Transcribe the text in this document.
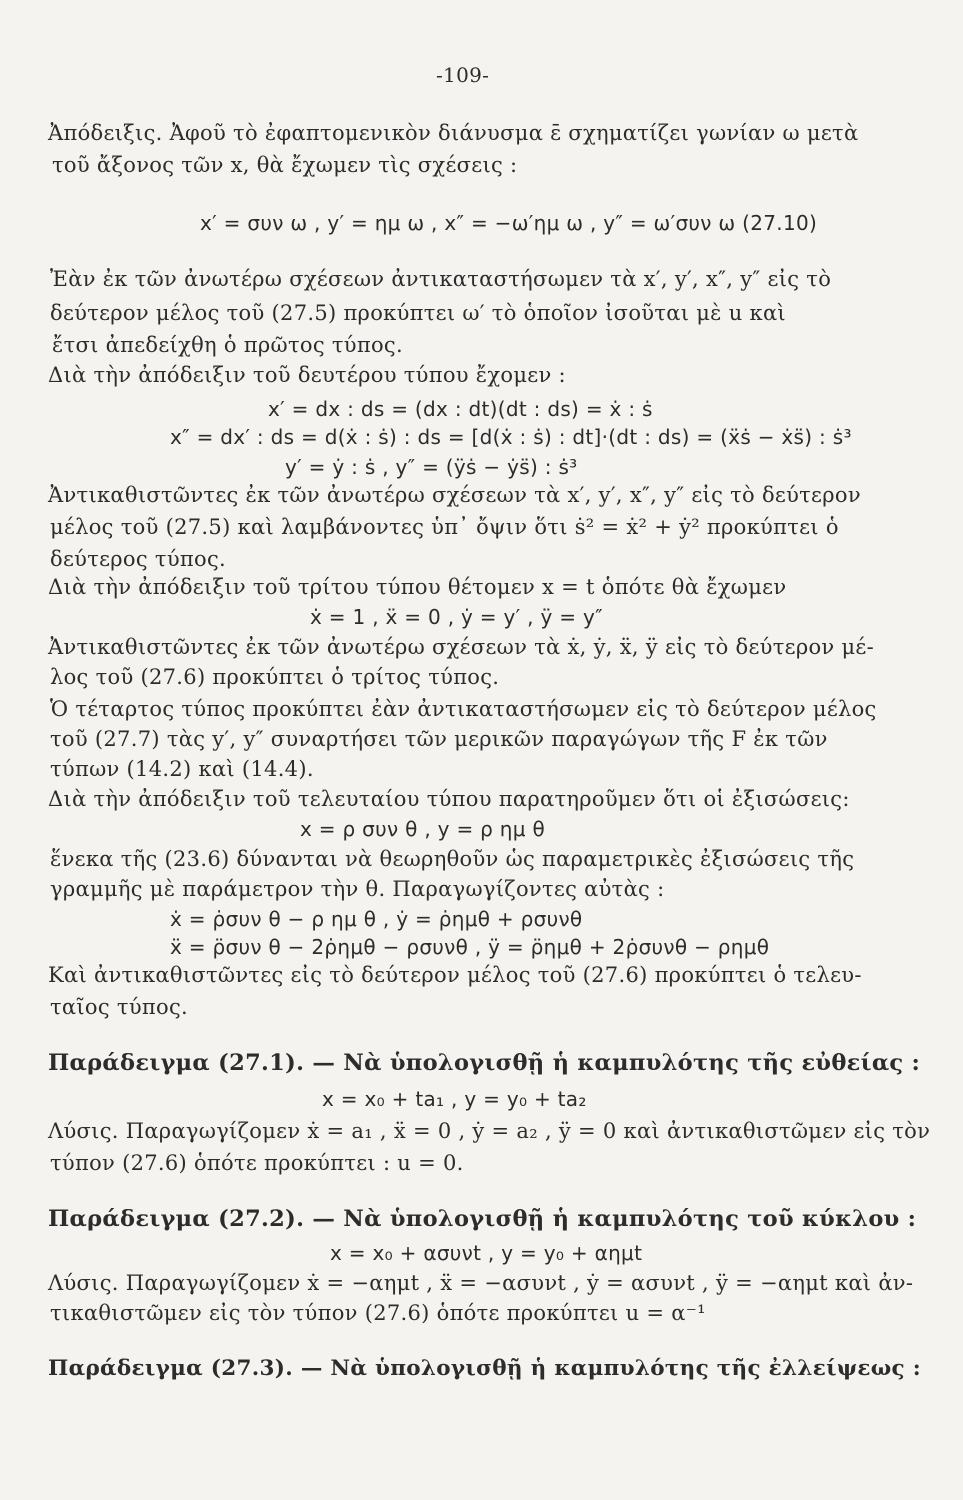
-109-
Ἀπόδειξις. Ἀφοῦ τὸ ἐφαπτομενικὸν διάνυσμα ε̄ σχηματίζει γωνίαν ω μετὰ
τοῦ ἄξονος τῶν x, θὰ ἔχωμεν τὶς σχέσεις :
x′ = συν ω , y′ = ημ ω , x″ = −ω′ημ ω , y″ = ω′συν ω (27.10)
Ἐὰν ἐκ τῶν ἀνωτέρω σχέσεων ἀντικαταστήσωμεν τὰ x′, y′, x″, y″ εἰς τὸ
δεύτερον μέλος τοῦ (27.5) προκύπτει ω′ τὸ ὁποῖον ἰσοῦται μὲ u καὶ
ἔτσι ἀπεδείχθη ὁ πρῶτος τύπος.
Διὰ τὴν ἀπόδειξιν τοῦ δευτέρου τύπου ἔχομεν :
x′ = dx : ds = (dx : dt)(dt : ds) = ẋ : ṡ
x″ = dx′ : ds = d(ẋ : ṡ) : ds = [d(ẋ : ṡ) : dt]·(dt : ds) = (ẍṡ − ẋs̈) : ṡ³
y′ = ẏ : ṡ , y″ = (ÿṡ − ẏs̈) : ṡ³
Ἀντικαθιστῶντες ἐκ τῶν ἀνωτέρω σχέσεων τὰ x′, y′, x″, y″ εἰς τὸ δεύτερον
μέλος τοῦ (27.5) καὶ λαμβάνοντες ὑπ᾽ ὄψιν ὅτι ṡ² = ẋ² + ẏ² προκύπτει ὁ
δεύτερος τύπος.
Διὰ τὴν ἀπόδειξιν τοῦ τρίτου τύπου θέτομεν x = t ὁπότε θὰ ἔχωμεν
ẋ = 1 , ẍ = 0 , ẏ = y′ , ÿ = y″
Ἀντικαθιστῶντες ἐκ τῶν ἀνωτέρω σχέσεων τὰ ẋ, ẏ, ẍ, ÿ εἰς τὸ δεύτερον μέ-
λος τοῦ (27.6) προκύπτει ὁ τρίτος τύπος.
Ὁ τέταρτος τύπος προκύπτει ἐὰν ἀντικαταστήσωμεν εἰς τὸ δεύτερον μέλος
τοῦ (27.7) τὰς y′, y″ συναρτήσει τῶν μερικῶν παραγώγων τῆς F ἐκ τῶν
τύπων (14.2) καὶ (14.4).
Διὰ τὴν ἀπόδειξιν τοῦ τελευταίου τύπου παρατηροῦμεν ὅτι οἱ ἐξισώσεις:
x = ρ συν θ , y = ρ ημ θ
ἕνεκα τῆς (23.6) δύνανται νὰ θεωρηθοῦν ὡς παραμετρικὲς ἐξισώσεις τῆς
γραμμῆς μὲ παράμετρον τὴν θ. Παραγωγίζοντες αὐτὰς :
ẋ = ρ̇συν θ − ρ ημ θ , ẏ = ρ̇ημθ + ρσυνθ
ẍ = ρ̈συν θ − 2ρ̇ημθ − ρσυνθ , ÿ = ρ̈ημθ + 2ρ̇συνθ − ρημθ
Καὶ ἀντικαθιστῶντες εἰς τὸ δεύτερον μέλος τοῦ (27.6) προκύπτει ὁ τελευ-
ταῖος τύπος.
Παράδειγμα (27.1). — Νὰ ὑπολογισθῇ ἡ καμπυλότης τῆς εὐθείας :
x = x₀ + ta₁ , y = y₀ + ta₂
Λύσις. Παραγωγίζομεν ẋ = a₁ , ẍ = 0 , ẏ = a₂ , ÿ = 0 καὶ ἀντικαθιστῶμεν εἰς τὸν
τύπον (27.6) ὁπότε προκύπτει : u = 0.
Παράδειγμα (27.2). — Νὰ ὑπολογισθῇ ἡ καμπυλότης τοῦ κύκλου :
x = x₀ + ασυνt , y = y₀ + αημt
Λύσις. Παραγωγίζομεν ẋ = −αημt , ẍ = −ασυνt , ẏ = ασυνt , ÿ = −αημt καὶ ἀν-
τικαθιστῶμεν εἰς τὸν τύπον (27.6) ὁπότε προκύπτει u = α⁻¹
Παράδειγμα (27.3). — Νὰ ὑπολογισθῇ ἡ καμπυλότης τῆς ἐλλείψεως :
